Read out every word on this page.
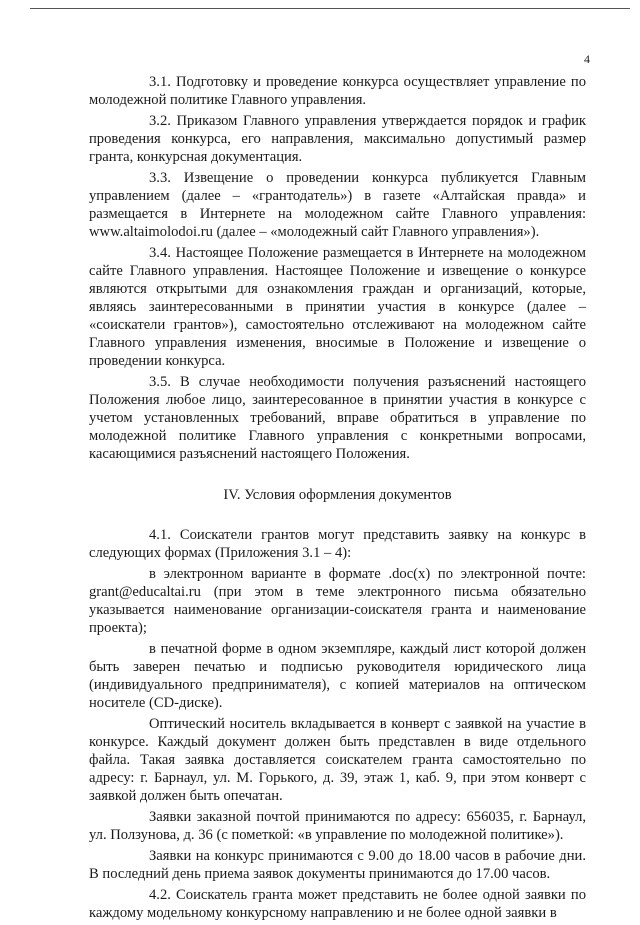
4

3.1. Подготовку и проведение конкурса осуществляет управление по молодежной политике Главного управления.

3.2. Приказом Главного управления утверждается порядок и график проведения конкурса, его направления, максимально допустимый размер гранта, конкурсная документация.

3.3. Извещение о проведении конкурса публикуется Главным управлением (далее – «грантодатель») в газете «Алтайская правда» и размещается в Интернете на молодежном сайте Главного управления: www.altaimolodoi.ru (далее – «молодежный сайт Главного управления»).

3.4. Настоящее Положение размещается в Интернете на молодежном сайте Главного управления. Настоящее Положение и извещение о конкурсе являются открытыми для ознакомления граждан и организаций, которые, являясь заинтересованными в принятии участия в конкурсе (далее – «соискатели грантов»), самостоятельно отслеживают на молодежном сайте Главного управления изменения, вносимые в Положение и извещение о проведении конкурса.

3.5. В случае необходимости получения разъяснений настоящего Положения любое лицо, заинтересованное в принятии участия в конкурсе с учетом установленных требований, вправе обратиться в управление по молодежной политике Главного управления с конкретными вопросами, касающимися разъяснений настоящего Положения.

IV. Условия оформления документов

4.1. Соискатели грантов могут представить заявку на конкурс в следующих формах (Приложения 3.1 – 4):

в электронном варианте в формате .doc(x) по электронной почте: grant@educaltai.ru (при этом в теме электронного письма обязательно указывается наименование организации-соискателя гранта и наименование проекта);

в печатной форме в одном экземпляре, каждый лист которой должен быть заверен печатью и подписью руководителя юридического лица (индивидуального предпринимателя), с копией материалов на оптическом носителе (CD-диске).

Оптический носитель вкладывается в конверт с заявкой на участие в конкурсе. Каждый документ должен быть представлен в виде отдельного файла. Такая заявка доставляется соискателем гранта самостоятельно по адресу: г. Барнаул, ул. М. Горького, д. 39, этаж 1, каб. 9, при этом конверт с заявкой должен быть опечатан.

Заявки заказной почтой принимаются по адресу: 656035, г. Барнаул, ул. Ползунова, д. 36 (с пометкой: «в управление по молодежной политике»).

Заявки на конкурс принимаются с 9.00 до 18.00 часов в рабочие дни. В последний день приема заявок документы принимаются до 17.00 часов.

4.2. Соискатель гранта может представить не более одной заявки по каждому модельному конкурсному направлению и не более одной заявки в
